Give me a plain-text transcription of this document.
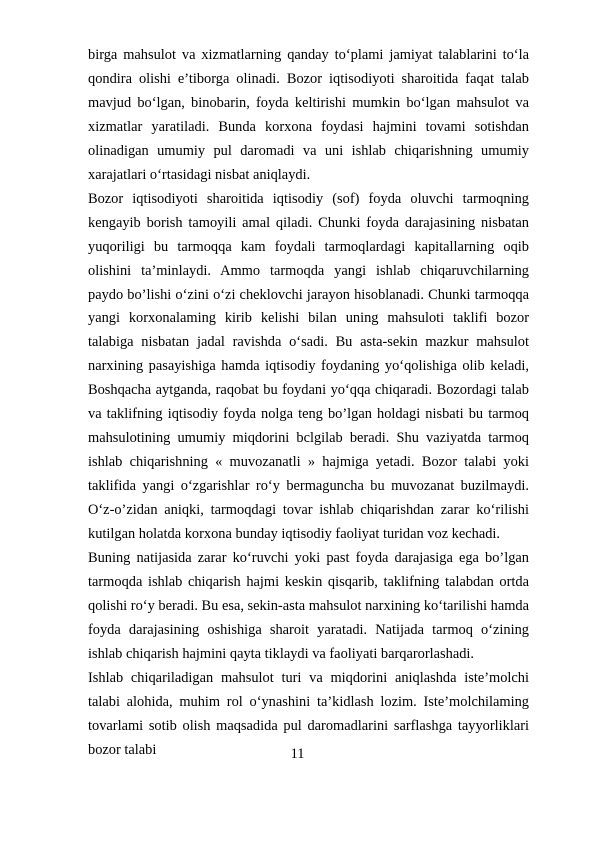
birga mahsulot va xizmatlarning qanday to‘plami jamiyat talablarini to‘la qondira olishi e’tiborga olinadi. Bozor iqtisodiyoti sharoitida faqat talab mavjud bo‘lgan, binobarin, foyda keltirishi mumkin bo‘lgan mahsulot va xizmatlar yaratiladi. Bunda korxona foydasi hajmini tovami sotishdan olinadigan umumiy pul daromadi va uni ishlab chiqarishning umumiy xarajatlari o‘rtasidagi nisbat aniqlaydi.

Bozor iqtisodiyoti sharoitida iqtisodiy (sof) foyda oluvchi tarmoqning kengayib borish tamoyili amal qiladi. Chunki foyda darajasining nisbatan yuqoriligi bu tarmoqqa kam foydali tarmoqlardagi kapitallarning oqib olishini ta’minlaydi. Ammo tarmoqda yangi ishlab chiqaruvchilarning paydo bo’lishi o‘zini o‘zi cheklovchi jarayon hisoblanadi. Chunki tarmoqqa yangi korxonalaming kirib kelishi bilan uning mahsuloti taklifi bozor talabiga nisbatan jadal ravishda o‘sadi. Bu asta-sekin mazkur mahsulot narxining pasayishiga hamda iqtisodiy foydaning yo‘qolishiga olib keladi, Boshqacha aytganda, raqobat bu foydani yo‘qqa chiqaradi. Bozordagi talab va taklifning iqtisodiy foyda nolga teng bo’lgan holdagi nisbati bu tarmoq mahsulotining umumiy miqdorini bclgilab beradi. Shu vaziyatda tarmoq ishlab chiqarishning « muvozanatli » hajmiga yetadi. Bozor talabi yoki taklifida yangi o‘zgarishlar ro‘y bermaguncha bu muvozanat buzilmaydi. O‘z-o’zidan aniqki, tarmoqdagi tovar ishlab chiqarishdan zarar ko‘rilishi kutilgan holatda korxona bunday iqtisodiy faoliyat turidan voz kechadi.

Buning natijasida zarar ko‘ruvchi yoki past foyda darajasiga ega bo’lgan tarmoqda ishlab chiqarish hajmi keskin qisqarib, taklifning talabdan ortda qolishi ro‘y beradi. Bu esa, sekin-asta mahsulot narxining ko‘tarilishi hamda foyda darajasining oshishiga sharoit yaratadi. Natijada tarmoq o‘zining ishlab chiqarish hajmini qayta tiklaydi va faoliyati barqarorlashadi.

Ishlab chiqariladigan mahsulot turi va miqdorini aniqlashda iste’molchi talabi alohida, muhim rol o‘ynashini ta’kidlash lozim. Iste’molchilaming tovarlami sotib olish maqsadida pul daromadlarini sarflashga tayyorliklari bozor talabi	11
